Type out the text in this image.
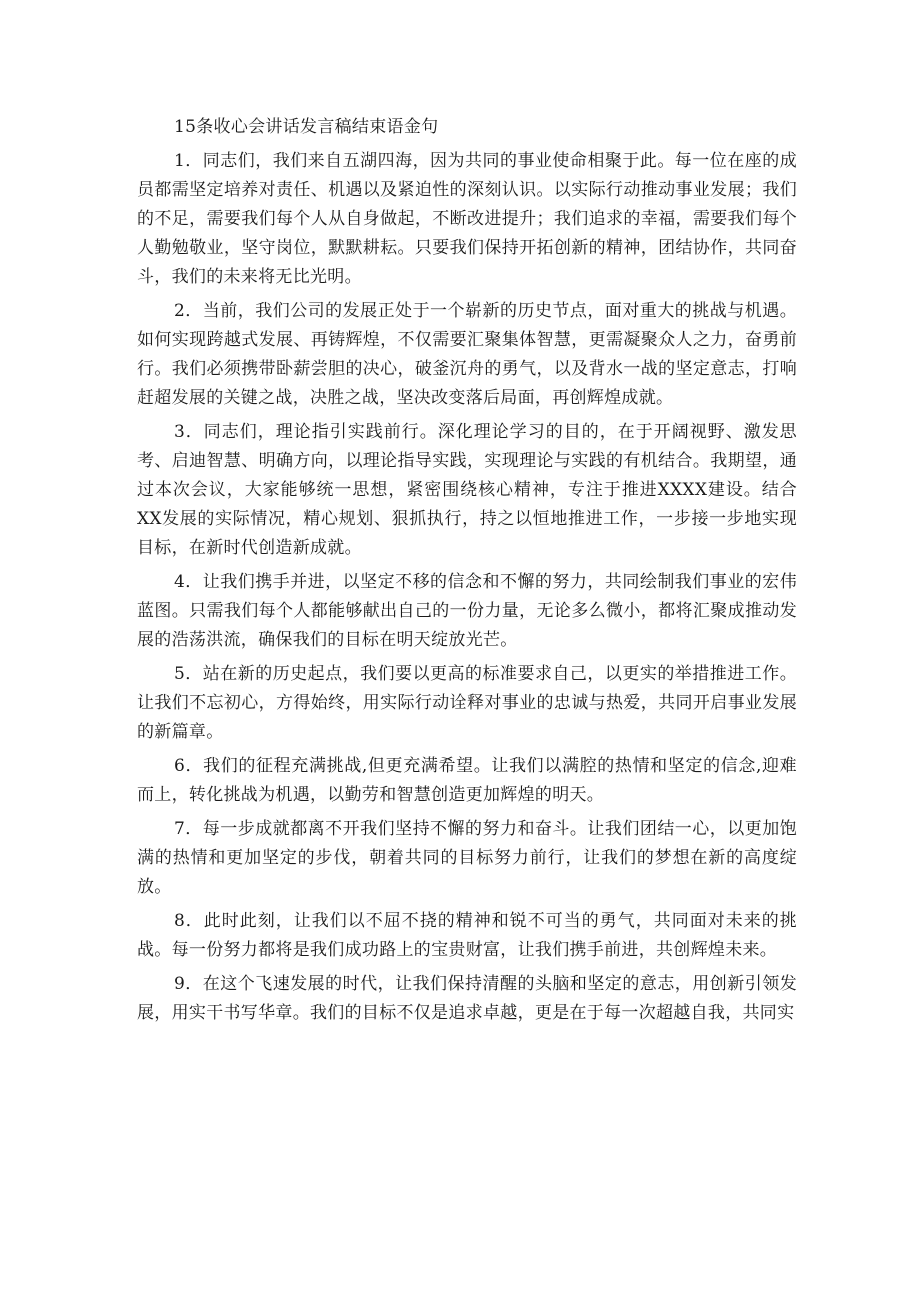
15条收心会讲话发言稿结束语金句

1．同志们，我们来自五湖四海，因为共同的事业使命相聚于此。每一位在座的成员都需坚定培养对责任、机遇以及紧迫性的深刻认识。以实际行动推动事业发展；我们的不足，需要我们每个人从自身做起，不断改进提升；我们追求的幸福，需要我们每个人勤勉敬业，坚守岗位，默默耕耘。只要我们保持开拓创新的精神，团结协作，共同奋斗，我们的未来将无比光明。

2．当前，我们公司的发展正处于一个崭新的历史节点，面对重大的挑战与机遇。如何实现跨越式发展、再铸辉煌，不仅需要汇聚集体智慧，更需凝聚众人之力，奋勇前行。我们必须携带卧薪尝胆的决心，破釜沉舟的勇气，以及背水一战的坚定意志，打响赶超发展的关键之战，决胜之战，坚决改变落后局面，再创辉煌成就。

3．同志们，理论指引实践前行。深化理论学习的目的，在于开阔视野、激发思考、启迪智慧、明确方向，以理论指导实践，实现理论与实践的有机结合。我期望，通过本次会议，大家能够统一思想，紧密围绕核心精神，专注于推进XXXX建设。结合XX发展的实际情况，精心规划、狠抓执行，持之以恒地推进工作，一步接一步地实现目标，在新时代创造新成就。

4．让我们携手并进，以坚定不移的信念和不懈的努力，共同绘制我们事业的宏伟蓝图。只需我们每个人都能够献出自己的一份力量，无论多么微小，都将汇聚成推动发展的浩荡洪流，确保我们的目标在明天绽放光芒。

5．站在新的历史起点，我们要以更高的标准要求自己，以更实的举措推进工作。让我们不忘初心，方得始终，用实际行动诠释对事业的忠诚与热爱，共同开启事业发展的新篇章。

6．我们的征程充满挑战,但更充满希望。让我们以满腔的热情和坚定的信念,迎难而上，转化挑战为机遇，以勤劳和智慧创造更加辉煌的明天。

7．每一步成就都离不开我们坚持不懈的努力和奋斗。让我们团结一心，以更加饱满的热情和更加坚定的步伐，朝着共同的目标努力前行，让我们的梦想在新的高度绽放。

8．此时此刻，让我们以不屈不挠的精神和锐不可当的勇气，共同面对未来的挑战。每一份努力都将是我们成功路上的宝贵财富，让我们携手前进，共创辉煌未来。

9．在这个飞速发展的时代，让我们保持清醒的头脑和坚定的意志，用创新引领发展，用实干书写华章。我们的目标不仅是追求卓越，更是在于每一次超越自我，共同实
